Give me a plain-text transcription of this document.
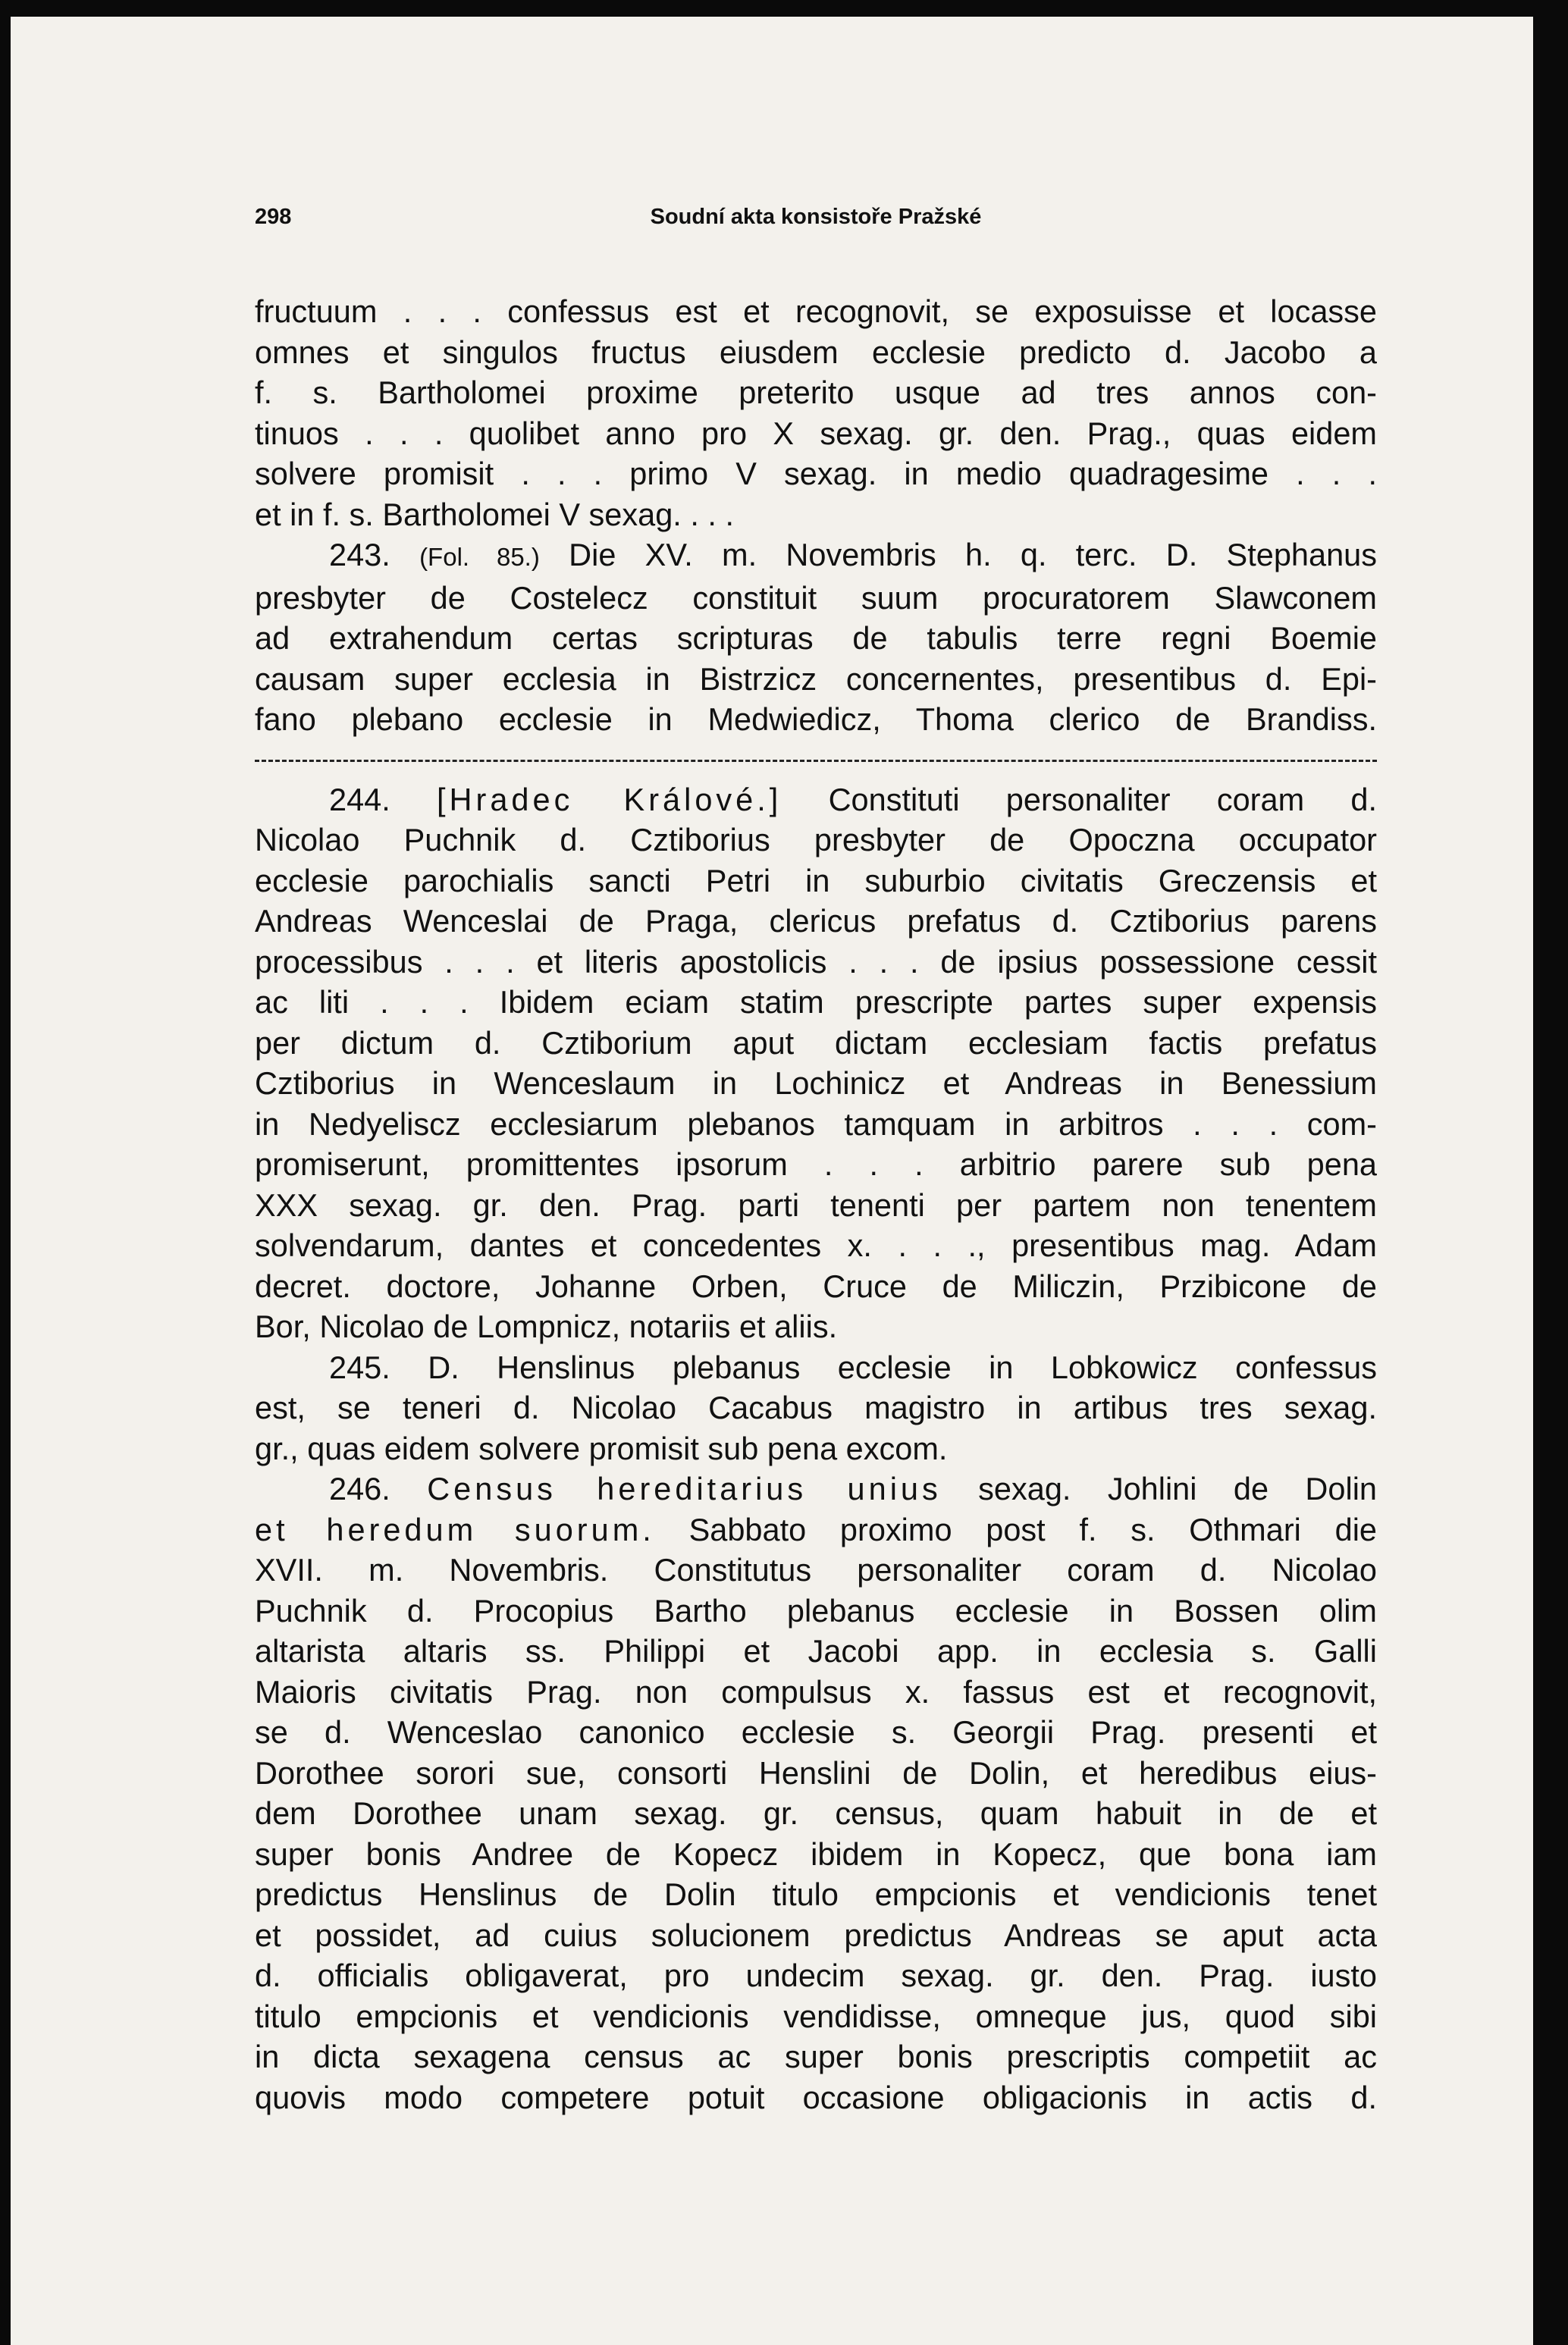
298	Soudní akta konsistoře Pražské
fructuum . . . confessus est et recognovit, se exposuisse et locasse
omnes et singulos fructus eiusdem ecclesie predicto d. Jacobo a
f. s. Bartholomei proxime preterito usque ad tres annos con-
tinuos . . . quolibet anno pro X sexag. gr. den. Prag., quas eidem
solvere promisit . . . primo V sexag. in medio quadragesime . . .
et in f. s. Bartholomei V sexag. . . .
243. (Fol. 85.) Die XV. m. Novembris h. q. terc. D. Stephanus
presbyter de Costelecz constituit suum procuratorem Slawconem
ad extrahendum certas scripturas de tabulis terre regni Boemie
causam super ecclesia in Bistrzicz concernentes, presentibus d. Epi-
fano plebano ecclesie in Medwiedicz, Thoma clerico de Brandiss.
244. [Hradec Králové.] Constituti personaliter coram d.
Nicolao Puchnik d. Cztiborius presbyter de Opoczna occupator
ecclesie parochialis sancti Petri in suburbio civitatis Greczensis et
Andreas Wenceslai de Praga, clericus prefatus d. Cztiborius parens
processibus . . . et literis apostolicis . . . de ipsius possessione cessit
ac liti . . . Ibidem eciam statim prescripte partes super expensis
per dictum d. Cztiborium aput dictam ecclesiam factis prefatus
Cztiborius in Wenceslaum in Lochinicz et Andreas in Benessium
in Nedyeliscz ecclesiarum plebanos tamquam in arbitros . . . com-
promiserunt, promittentes ipsorum . . . arbitrio parere sub pena
XXX sexag. gr. den. Prag. parti tenenti per partem non tenentem
solvendarum, dantes et concedentes x. . . ., presentibus mag. Adam
decret. doctore, Johanne Orben, Cruce de Miliczin, Przibicone de
Bor, Nicolao de Lompnicz, notariis et aliis.
245. D. Henslinus plebanus ecclesie in Lobkowicz confessus
est, se teneri d. Nicolao Cacabus magistro in artibus tres sexag.
gr., quas eidem solvere promisit sub pena excom.
246. Census hereditarius unius sexag. Johlini de Dolin
et heredum suorum. Sabbato proximo post f. s. Othmari die
XVII. m. Novembris. Constitutus personaliter coram d. Nicolao
Puchnik d. Procopius Bartho plebanus ecclesie in Bossen olim
altarista altaris ss. Philippi et Jacobi app. in ecclesia s. Galli
Maioris civitatis Prag. non compulsus x. fassus est et recognovit,
se d. Wenceslao canonico ecclesie s. Georgii Prag. presenti et
Dorothee sorori sue, consorti Henslini de Dolin, et heredibus eius-
dem Dorothee unam sexag. gr. census, quam habuit in de et
super bonis Andree de Kopecz ibidem in Kopecz, que bona iam
predictus Henslinus de Dolin titulo empcionis et vendicionis tenet
et possidet, ad cuius solucionem predictus Andreas se aput acta
d. officialis obligaverat, pro undecim sexag. gr. den. Prag. iusto
titulo empcionis et vendicionis vendidisse, omneque jus, quod sibi
in dicta sexagena census ac super bonis prescriptis competiit ac
quovis modo competere potuit occasione obligacionis in actis d.
